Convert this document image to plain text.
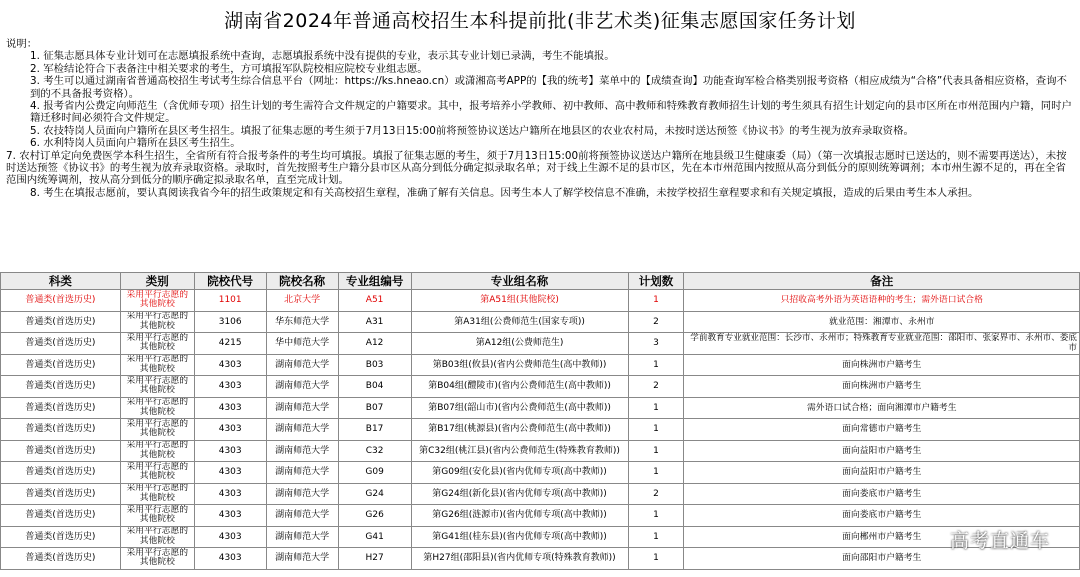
湖南省2024年普通高校招生本科提前批(非艺术类)征集志愿国家任务计划

说明：

1. 征集志愿具体专业计划可在志愿填报系统中查询，志愿填报系统中没有提供的专业，表示其专业计划已录满，考生不能填报。

2. 军检结论符合下表备注中相关要求的考生，方可填报军队院校相应院校专业组志愿。

3. 考生可以通过湖南省普通高校招生考试考生综合信息平台（网址：https://ks.hneao.cn）或潇湘高考APP的【我的统考】菜单中的【成绩查询】功能查询军检合格类别报考资格（相应成绩为“合格”代表具备相应资格，查询不到的不具备报考资格）。

4. 报考省内公费定向师范生（含优师专项）招生计划的考生需符合文件规定的户籍要求。其中，报考培养小学教师、初中教师、高中教师和特殊教育教师招生计划的考生须具有招生计划定向的县市区所在市州范围内户籍，同时户籍迁移时间必须符合文件规定。

5. 农技特岗人员面向户籍所在县区考生招生。填报了征集志愿的考生须于7月13日15:00前将预签协议送达户籍所在地县区的农业农村局，未按时送达预签《协议书》的考生视为放弃录取资格。

6. 水利特岗人员面向户籍所在县区考生招生。

7. 农村订单定向免费医学本科生招生，全省所有符合报考条件的考生均可填报。填报了征集志愿的考生，须于7月13日15:00前将预签协议送达户籍所在地县级卫生健康委（局）（第一次填报志愿时已送达的，则不需要再送达），未按时送达预签《协议书》的考生视为放弃录取资格。录取时，首先按照考生户籍分县市区从高分到低分确定拟录取名单；对于线上生源不足的县市区，先在本市州范围内按照从高分到低分的原则统筹调剂；本市州生源不足的，再在全省范围内统筹调剂，按从高分到低分的顺序确定拟录取名单，直至完成计划。

8. 考生在填报志愿前，要认真阅读我省今年的招生政策规定和有关高校招生章程，准确了解有关信息。因考生本人了解学校信息不准确，未按学校招生章程要求和有关规定填报，造成的后果由考生本人承担。

科类	类别	院校代号	院校名称	专业组编号	专业组名称	计划数	备注
普通类(首选历史)	采用平行志愿的其他院校	1101	北京大学	A51	第A51组(其他院校)	1	只招收高考外语为英语语种的考生；需外语口试合格
普通类(首选历史)	采用平行志愿的其他院校	3106	华东师范大学	A31	第A31组(公费师范生(国家专项))	2	就业范围：湘潭市、永州市
普通类(首选历史)	采用平行志愿的其他院校	4215	华中师范大学	A12	第A12组(公费师范生)	3	学前教育专业就业范围：长沙市、永州市；特殊教育专业就业范围：邵阳市、张家界市、永州市、娄底市
普通类(首选历史)	采用平行志愿的其他院校	4303	湖南师范大学	B03	第B03组(攸县)(省内公费师范生(高中教师))	1	面向株洲市户籍考生
普通类(首选历史)	采用平行志愿的其他院校	4303	湖南师范大学	B04	第B04组(醴陵市)(省内公费师范生(高中教师))	2	面向株洲市户籍考生
普通类(首选历史)	采用平行志愿的其他院校	4303	湖南师范大学	B07	第B07组(韶山市)(省内公费师范生(高中教师))	1	需外语口试合格；面向湘潭市户籍考生
普通类(首选历史)	采用平行志愿的其他院校	4303	湖南师范大学	B17	第B17组(桃源县)(省内公费师范生(高中教师))	1	面向常德市户籍考生
普通类(首选历史)	采用平行志愿的其他院校	4303	湖南师范大学	C32	第C32组(桃江县)(省内公费师范生(特殊教育教师))	1	面向益阳市户籍考生
普通类(首选历史)	采用平行志愿的其他院校	4303	湖南师范大学	G09	第G09组(安化县)(省内优师专项(高中教师))	1	面向益阳市户籍考生
普通类(首选历史)	采用平行志愿的其他院校	4303	湖南师范大学	G24	第G24组(新化县)(省内优师专项(高中教师))	2	面向娄底市户籍考生
普通类(首选历史)	采用平行志愿的其他院校	4303	湖南师范大学	G26	第G26组(涟源市)(省内优师专项(高中教师))	1	面向娄底市户籍考生
普通类(首选历史)	采用平行志愿的其他院校	4303	湖南师范大学	G41	第G41组(桂东县)(省内优师专项(高中教师))	1	面向郴州市户籍考生
普通类(首选历史)	采用平行志愿的其他院校	4303	湖南师范大学	H27	第H27组(邵阳县)(省内优师专项(特殊教育教师))	1	面向邵阳市户籍考生
高考直通车
